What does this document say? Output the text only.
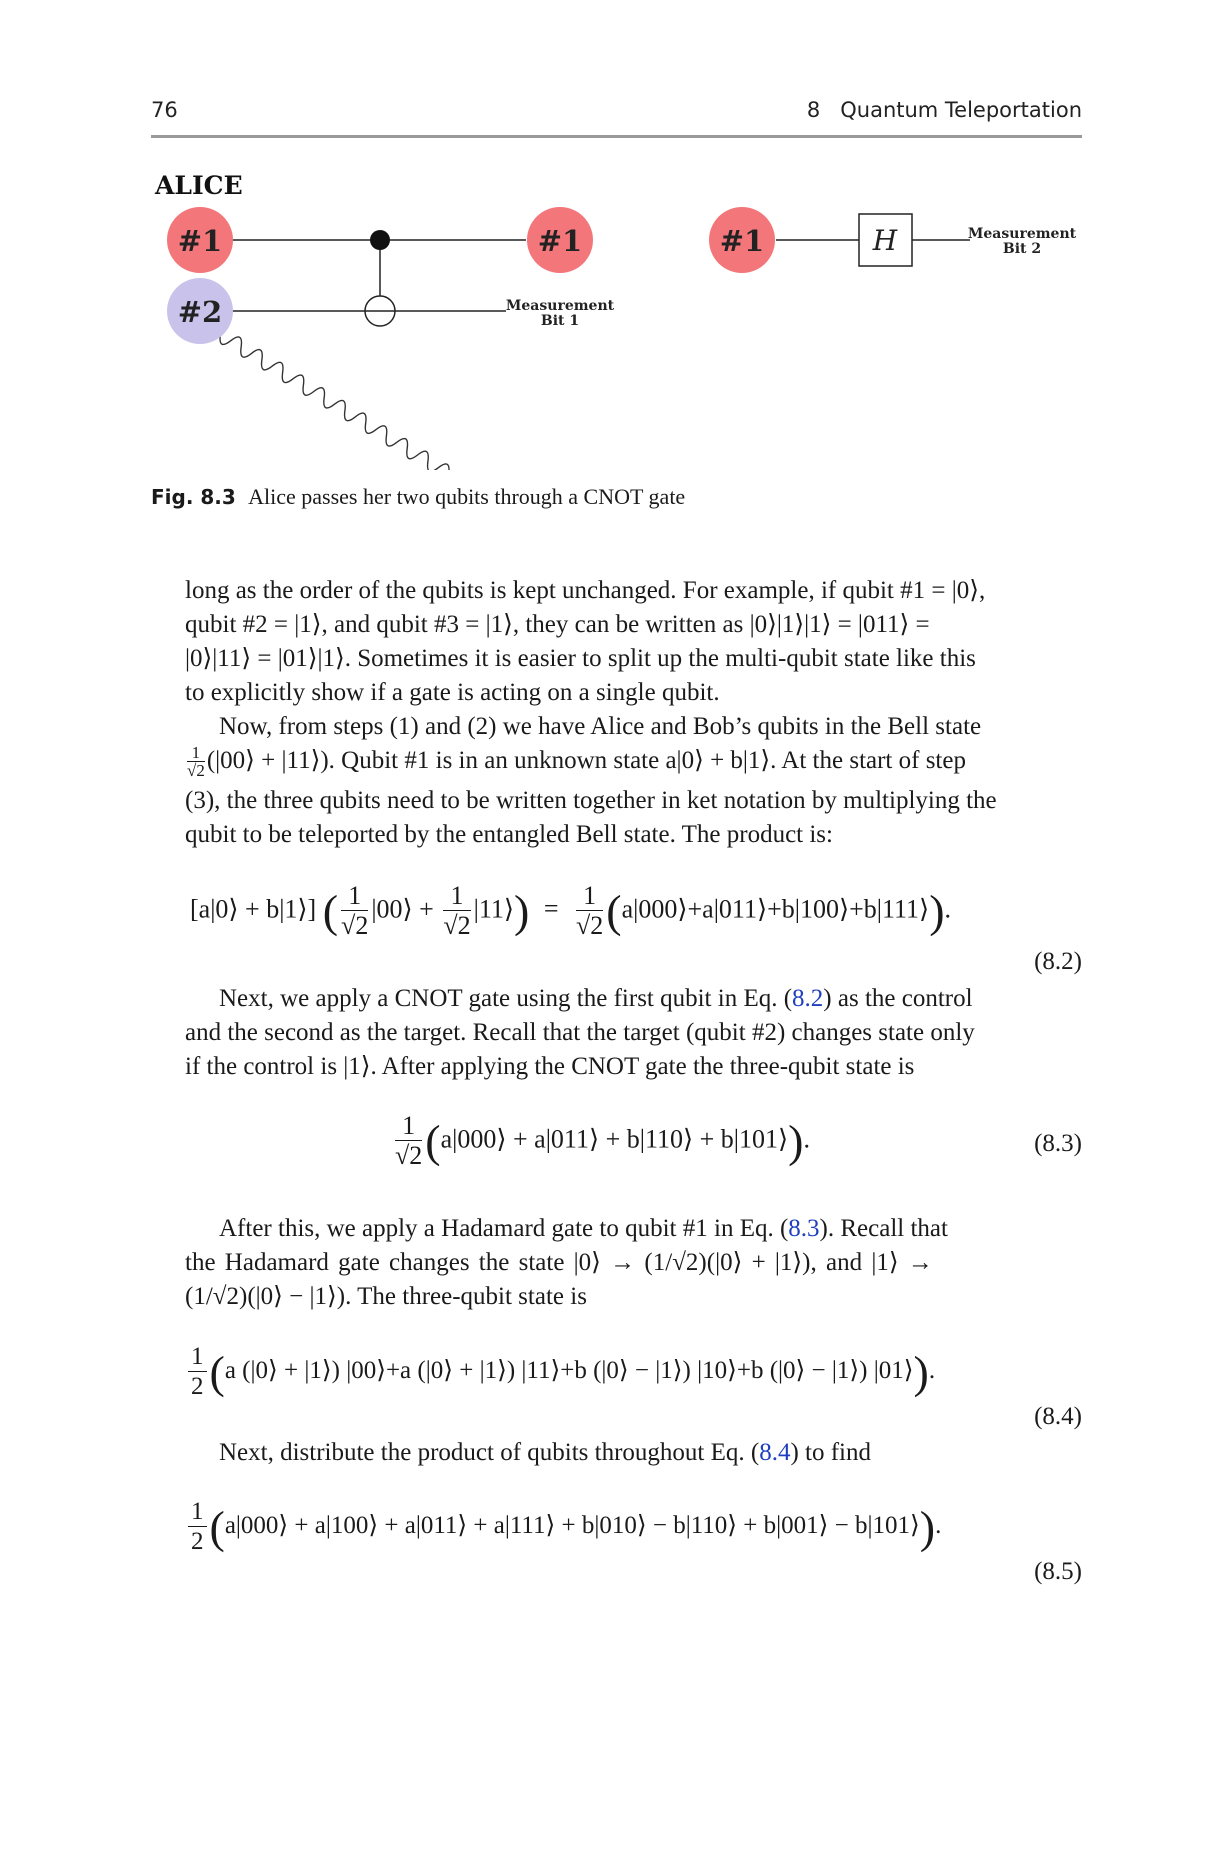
76	8   Quantum Teleportation
ALICE
#1
#2
#1
Measurement
Bit 1
#1	H	Measurement
Bit 2
Fig. 8.3 Alice passes her two qubits through a CNOT gate
long as the order of the qubits is kept unchanged. For example, if qubit #1 = |0⟩,
qubit #2 = |1⟩, and qubit #3 = |1⟩, they can be written as |0⟩|1⟩|1⟩ = |011⟩ =
|0⟩|11⟩ = |01⟩|1⟩. Sometimes it is easier to split up the multi-qubit state like this
to explicitly show if a gate is acting on a single qubit.
Now, from steps (1) and (2) we have Alice and Bob’s qubits in the Bell state
$\frac{1}{√2}$ (|00⟩ + |11⟩). Qubit #1 is in an unknown state a|0⟩ + b|1⟩. At the start of step
(3), the three qubits need to be written together in ket notation by multiplying the
qubit to be teleported by the entangled Bell state. The product is:
[a|0⟩ + b|1⟩] ( $\frac{1}{√2}$ |00⟩ + $\frac{1}{√2}$ |11⟩) = $\frac{1}{√2}$ (a|000⟩+a|011⟩+b|100⟩+b|111⟩).
(8.2)
Next, we apply a CNOT gate using the first qubit in Eq. (8.2) as the control
and the second as the target. Recall that the target (qubit #2) changes state only
if the control is |1⟩. After applying the CNOT gate the three-qubit state is
$\frac{1}{√2}$ (a|000⟩ + a|011⟩ + b|110⟩ + b|101⟩).	(8.3)
After this, we apply a Hadamard gate to qubit #1 in Eq. (8.3). Recall that
the Hadamard gate changes the state |0⟩ → (1/√2)(|0⟩ + |1⟩), and |1⟩ →
(1/√2)(|0⟩ − |1⟩). The three-qubit state is
$\frac{1}{2} (a$ (|0⟩ + |1⟩) |00⟩+a (|0⟩ + |1⟩) |11⟩+b (|0⟩ − |1⟩) |10⟩+b (|0⟩ − |1⟩) |01⟩).
(8.4)
Next, distribute the product of qubits throughout Eq. (8.4) to find
$\frac{1}{2}$ (a|000⟩ + a|100⟩ + a|011⟩ + a|111⟩ + b|010⟩ − b|110⟩ + b|001⟩ − b|101⟩).
(8.5)
